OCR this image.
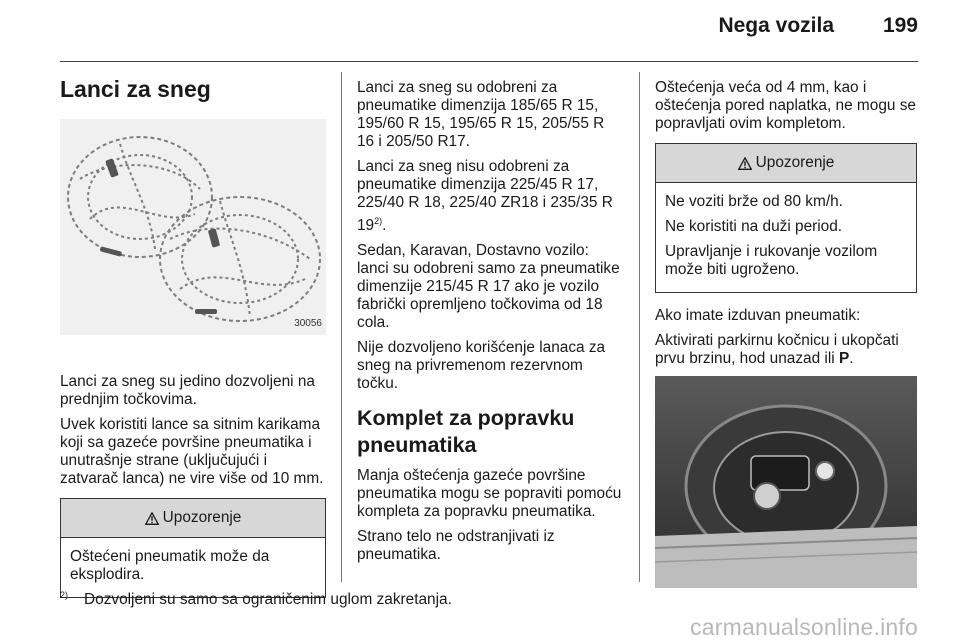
Nega vozila 199
Lanci za sneg
30056

Lanci za sneg su jedino dozvoljeni na prednjim točkovima.

Uvek koristiti lance sa sitnim karikama koji sa gazeće površine pneumatika i unutrašnje strane (uključujući i zatvarač lanca) ne vire više od 10 mm.

Upozorenje

Oštećeni pneumatik može da eksplodira.

Lanci za sneg su odobreni za pneumatike dimenzija 185/65 R 15, 195/60 R 15, 195/65 R 15, 205/55 R 16 i 205/50 R17.

Lanci za sneg nisu odobreni za pneumatike dimenzija 225/45 R 17, 225/40 R 18, 225/40 ZR18 i 235/35 R 19$^{2)}$.

Sedan, Karavan, Dostavno vozilo: lanci su odobreni samo za pneumatike dimenzije 215/45 R 17 ako je vozilo fabrički opremljeno točkovima od 18 cola.

Nije dozvoljeno korišćenje lanaca za sneg na privremenom rezervnom točku.

Komplet za popravku pneumatika

Manja oštećenja gazeće površine pneumatika mogu se popraviti pomoću kompleta za popravku pneumatika.

Strano telo ne odstranjivati iz pneumatika.

Oštećenja veća od 4 mm, kao i oštećenja pored naplatka, ne mogu se popravljati ovim kompletom.

Upozorenje

Ne voziti brže od 80 km/h.

Ne koristiti na duži period.

Upravljanje i rukovanje vozilom može biti ugroženo.

Ako imate izduvan pneumatik:

Aktivirati parkirnu kočnicu i ukopčati prvu brzinu, hod unazad ili P.

$^{2)}$ Dozvoljeni su samo sa ograničenim uglom zakretanja.
carmanualsonline.info
